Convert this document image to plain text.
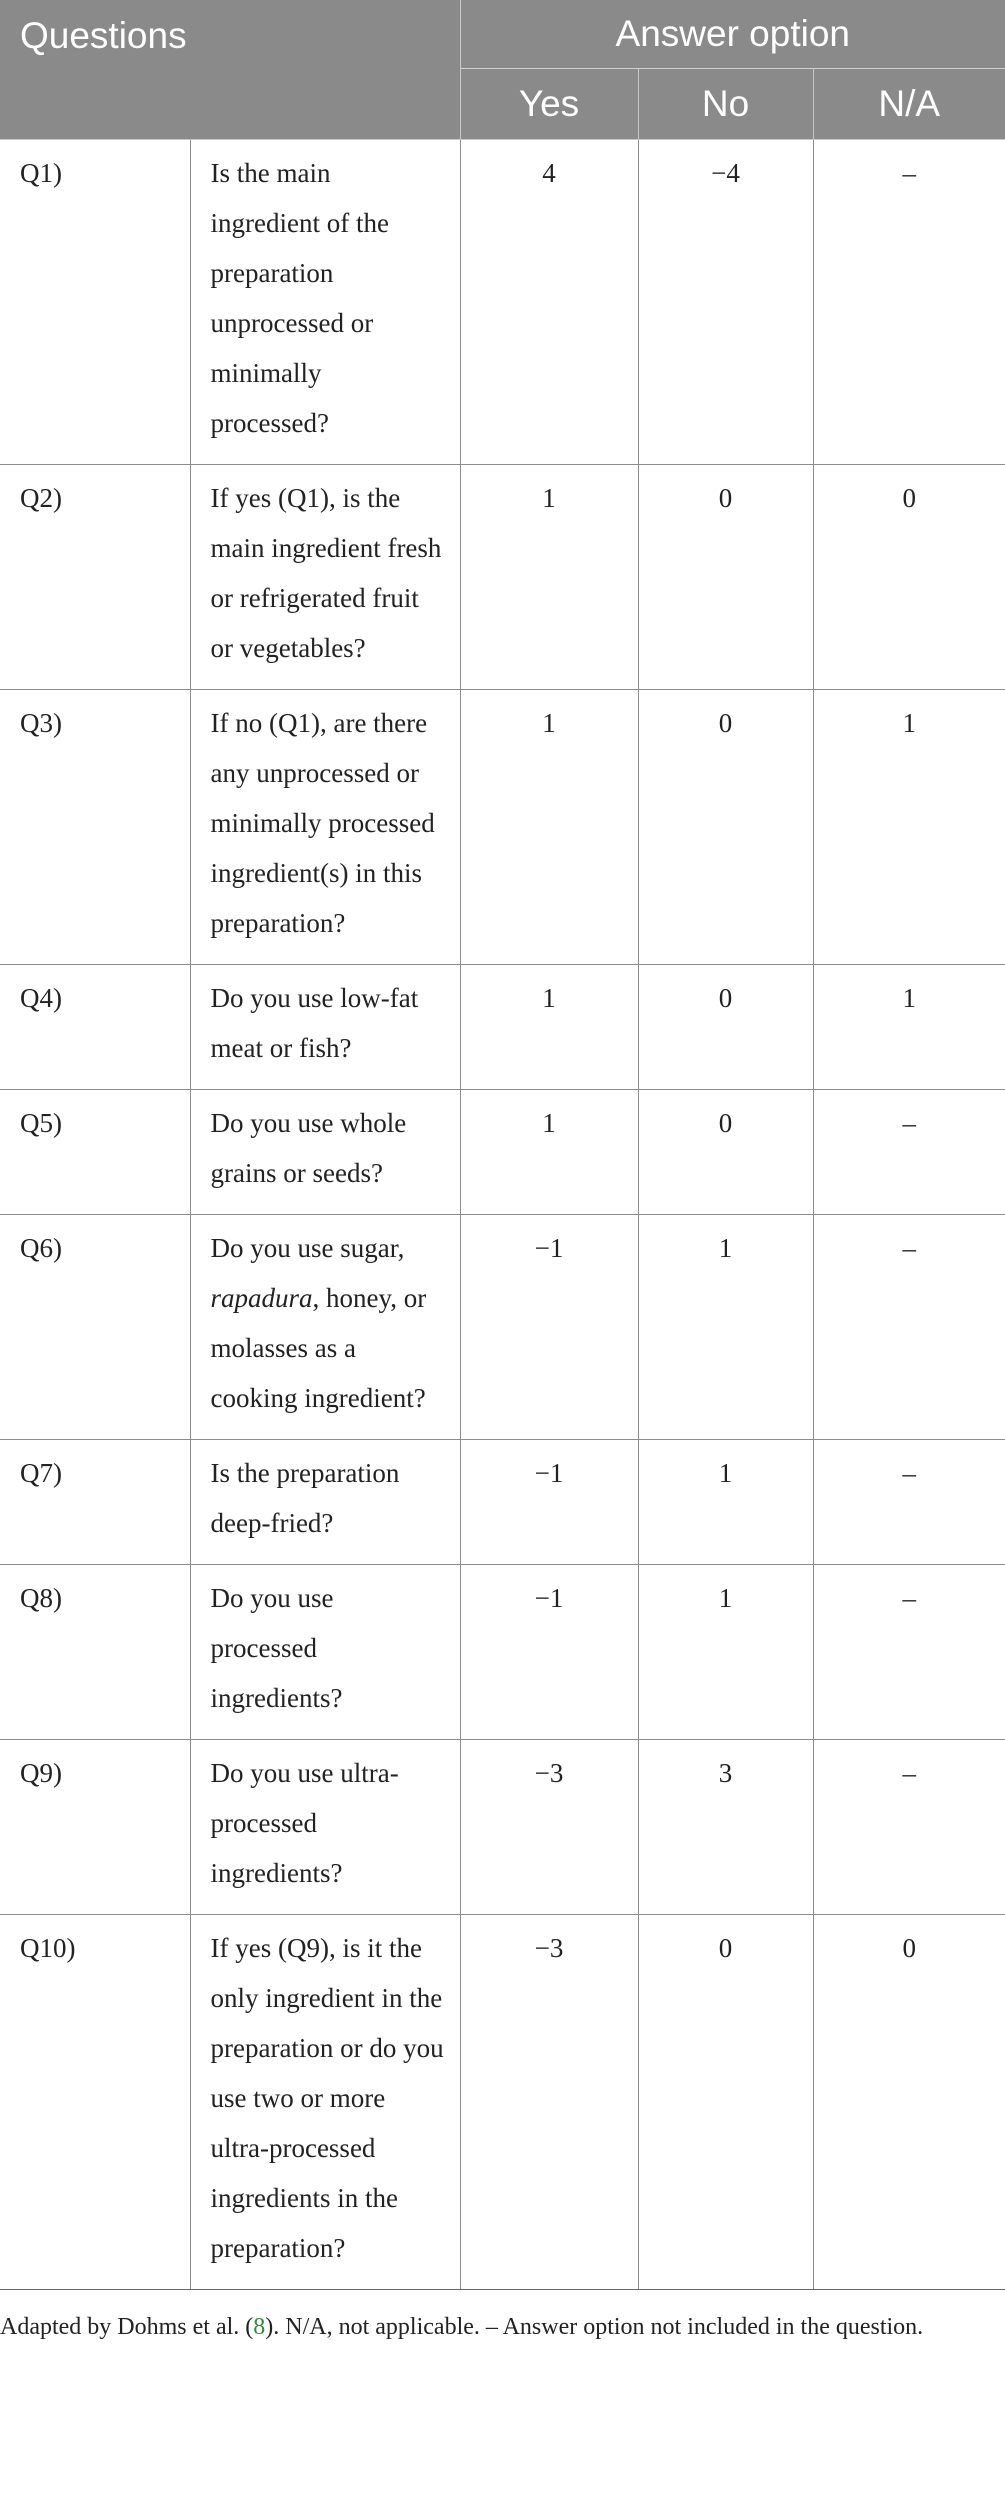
Questions		Answer option		
		Yes	No	N/A
Q1)	Is the main ingredient of the preparation unprocessed or minimally processed?	4	−4	–
Q2)	If yes (Q1), is the main ingredient fresh or refrigerated fruit or vegetables?	1	0	0
Q3)	If no (Q1), are there any unprocessed or minimally processed ingredient(s) in this preparation?	1	0	1
Q4)	Do you use low-fat meat or fish?	1	0	1
Q5)	Do you use whole grains or seeds?	1	0	–
Q6)	Do you use sugar, rapadura, honey, or molasses as a cooking ingredient?	−1	1	–
Q7)	Is the preparation deep-fried?	−1	1	–
Q8)	Do you use processed ingredients?	−1	1	–
Q9)	Do you use ultra-processed ingredients?	−3	3	–
Q10)	If yes (Q9), is it the only ingredient in the preparation or do you use two or more ultra-processed ingredients in the preparation?	−3	0	0
Adapted by Dohms et al. (8). N/A, not applicable. – Answer option not included in the question.
